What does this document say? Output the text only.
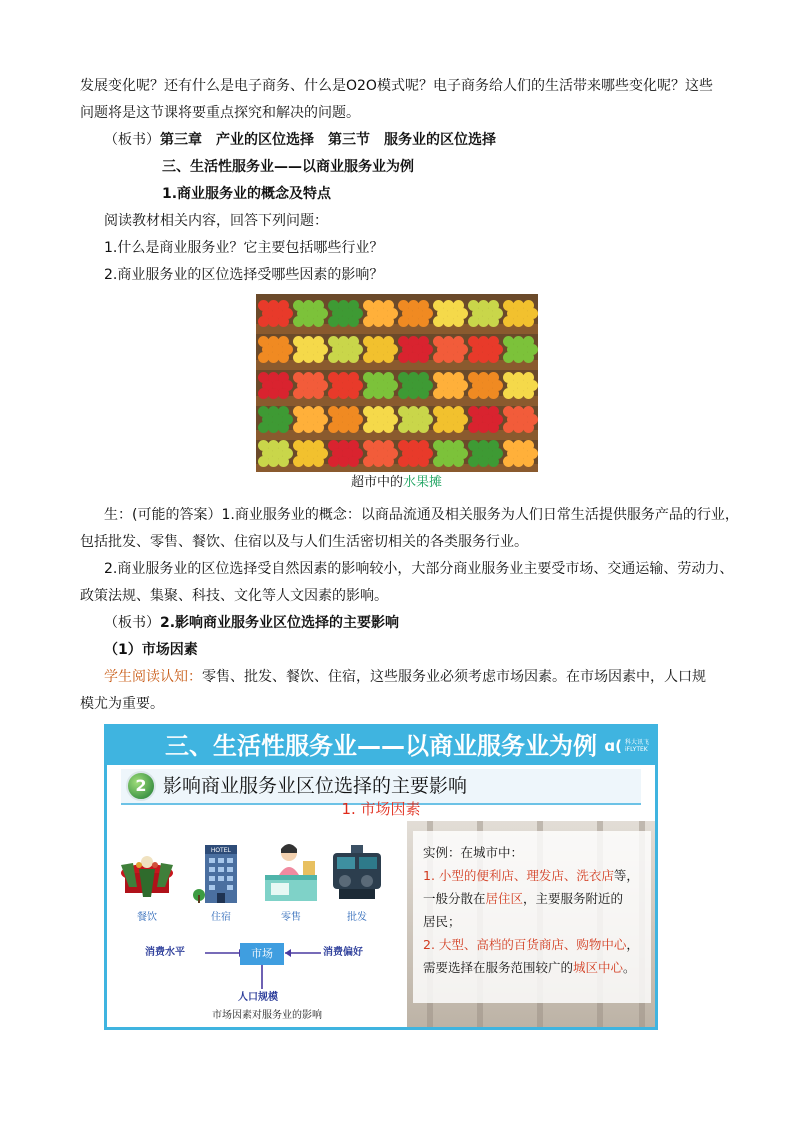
发展变化呢？还有什么是电子商务、什么是O2O模式呢？电子商务给人们的生活带来哪些变化呢？这些
问题将是这节课将要重点探究和解决的问题。
（板书）第三章　产业的区位选择　第三节　服务业的区位选择
三、生活性服务业——以商业服务业为例
1.商业服务业的概念及特点
阅读教材相关内容，回答下列问题：
1.什么是商业服务业？它主要包括哪些行业？
2.商业服务业的区位选择受哪些因素的影响？
超市中的水果摊
生：(可能的答案）1.商业服务业的概念：以商品流通及相关服务为人们日常生活提供服务产品的行业，
包括批发、零售、餐饮、住宿以及与人们生活密切相关的各类服务行业。
2.商业服务业的区位选择受自然因素的影响较小，大部分商业服务业主要受市场、交通运输、劳动力、
政策法规、集聚、科技、文化等人文因素的影响。
（板书）2.影响商业服务业区位选择的主要影响
（1）市场因素
学生阅读认知：零售、批发、餐饮、住宿，这些服务业必须考虑市场因素。在市场因素中，人口规
模尤为重要。
三、生活性服务业——以商业服务业为例 ɑ( 科大讯飞
iFLYTEK
2 影响商业服务业区位选择的主要影响
1. 市场因素
餐饮
HOTEL
住宿	零售	批发
消费水平	市场	消费偏好
人口规模
市场因素对服务业的影响
实例：在城市中：
1. 小型的便利店、理发店、洗衣店等，
一般分散在居住区，主要服务附近的
居民；
2. 大型、高档的百货商店、购物中心，
需要选择在服务范围较广的城区中心。
